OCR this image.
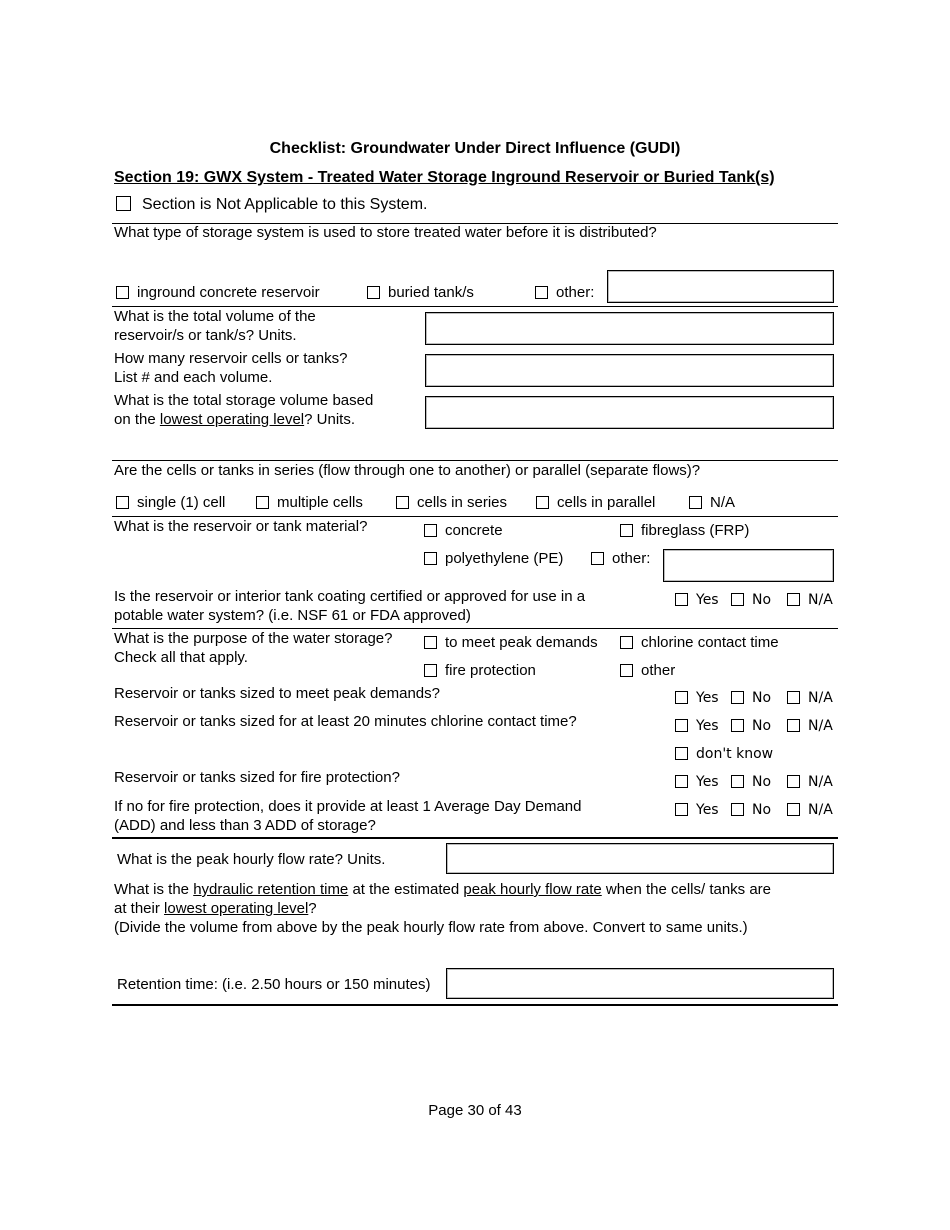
Checklist: Groundwater Under Direct Influence (GUDI)
Section 19: GWX System - Treated Water Storage Inground Reservoir or Buried Tank(s)
Section is Not Applicable to this System.
What type of storage system is used to store treated water before it is distributed?
inground concrete reservoir	buried tank/s	other:
What is the total volume of the
reservoir/s or tank/s? Units.
How many reservoir cells or tanks?
List # and each volume.
What is the total storage volume based
on the lowest operating level? Units.
Are the cells or tanks in series (flow through one to another) or parallel (separate flows)?
single (1) cell	multiple cells	cells in series	cells in parallel	N/A
What is the reservoir or tank material?	concrete	fibreglass (FRP)
polyethylene (PE)	other:
Is the reservoir or interior tank coating certified or approved for use in a
potable water system? (i.e. NSF 61 or FDA approved)
Yes	No	N/A
What is the purpose of the water storage?
Check all that apply.
to meet peak demands	chlorine contact time
fire protection	other
Reservoir or tanks sized to meet peak demands?	Yes	No	N/A
Reservoir or tanks sized for at least 20 minutes chlorine contact time?	Yes	No	N/A
don't know
Reservoir or tanks sized for fire protection?	Yes	No	N/A
If no for fire protection, does it provide at least 1 Average Day Demand
(ADD) and less than 3 ADD of storage?
Yes	No	N/A
What is the peak hourly flow rate? Units.
What is the hydraulic retention time at the estimated peak hourly flow rate when the cells/ tanks are
at their lowest operating level?
(Divide the volume from above by the peak hourly flow rate from above. Convert to same units.)
Retention time: (i.e. 2.50 hours or 150 minutes)
Page 30 of 43
